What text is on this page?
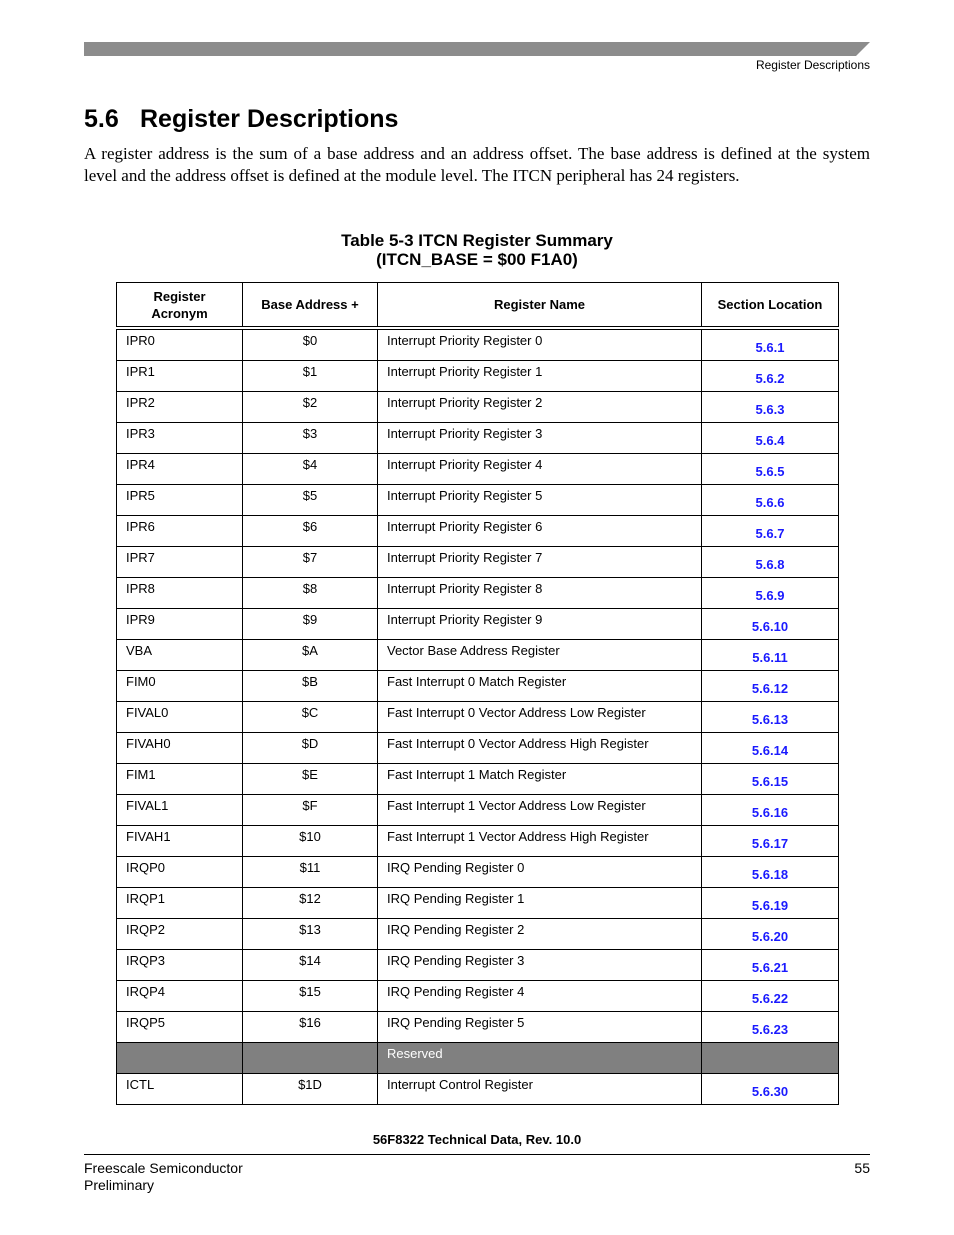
Register Descriptions
5.6 Register Descriptions

A register address is the sum of a base address and an address offset. The base address is defined at the system level and the address offset is defined at the module level. The ITCN peripheral has 24 registers.

Table 5-3 ITCN Register Summary
(ITCN_BASE = $00 F1A0)
Register
Acronym	Base Address +	Register Name	Section Location
IPR0	$0	Interrupt Priority Register 0	5.6.1
IPR1	$1	Interrupt Priority Register 1	5.6.2
IPR2	$2	Interrupt Priority Register 2	5.6.3
IPR3	$3	Interrupt Priority Register 3	5.6.4
IPR4	$4	Interrupt Priority Register 4	5.6.5
IPR5	$5	Interrupt Priority Register 5	5.6.6
IPR6	$6	Interrupt Priority Register 6	5.6.7
IPR7	$7	Interrupt Priority Register 7	5.6.8
IPR8	$8	Interrupt Priority Register 8	5.6.9
IPR9	$9	Interrupt Priority Register 9	5.6.10
VBA	$A	Vector Base Address Register	5.6.11
FIM0	$B	Fast Interrupt 0 Match Register	5.6.12
FIVAL0	$C	Fast Interrupt 0 Vector Address Low Register	5.6.13
FIVAH0	$D	Fast Interrupt 0 Vector Address High Register	5.6.14
FIM1	$E	Fast Interrupt 1 Match Register	5.6.15
FIVAL1	$F	Fast Interrupt 1 Vector Address Low Register	5.6.16
FIVAH1	$10	Fast Interrupt 1 Vector Address High Register	5.6.17
IRQP0	$11	IRQ Pending Register 0	5.6.18
IRQP1	$12	IRQ Pending Register 1	5.6.19
IRQP2	$13	IRQ Pending Register 2	5.6.20
IRQP3	$14	IRQ Pending Register 3	5.6.21
IRQP4	$15	IRQ Pending Register 4	5.6.22
IRQP5	$16	IRQ Pending Register 5	5.6.23
		Reserved	
ICTL	$1D	Interrupt Control Register	5.6.30
56F8322 Technical Data, Rev. 10.0
Freescale Semiconductor
Preliminary
55
